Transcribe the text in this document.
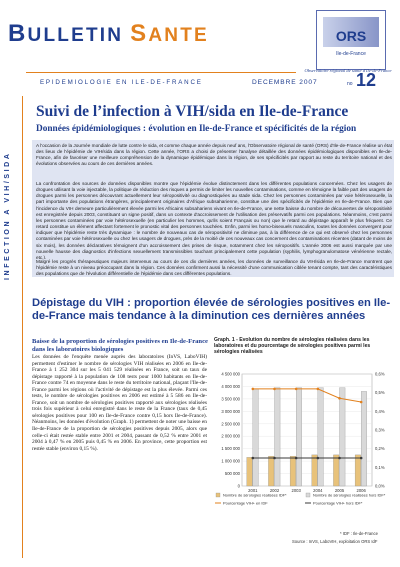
BULLETIN SANTE	ORS
Ile-de-France
Observatoire régional de santé d'Ile-de-France
EPIDEMIOLOGIE EN ILE-DE-FRANCE	DECEMBRE 2007	no 12
INFECTION A VIH/SIDA
Suivi de l’infection à VIH/sida en Ile-de-France
Données épidémiologiques : évolution en Ile-de-France et spécificités de la région
A l'occasion de la Journée mondiale de lutte contre le sida, et comme chaque année depuis neuf ans, l'Observatoire régional de santé (ORS) d'Ile-de-France réalise un état des lieux de l'épidémie de VIH/sida dans la région. Cette année, l'ORS a choisi de présenter l'analyse détaillée des données épidémiologiques disponibles en Ile-de-France, afin de favoriser une meilleure compréhension de la dynamique épidémique dans la région, de ses spécificités par rapport au reste du territoire national et des évolutions observées au cours de ces dernières années.
La confrontation des sources de données disponibles montre que l'épidémie évolue distinctement dans les différentes populations concernées. Chez les usagers de drogues utilisant la voie injectable, la politique de réduction des risques a permis de limiter les nouvelles contaminations, comme en témoigne la faible part des usagers de drogues parmi les personnes découvrant actuellement leur séropositivité ou diagnostiquées au stade sida. Chez les personnes contaminées par voie hétérosexuelle, la part importante des populations étrangères, principalement originaires d'Afrique subsaharienne, constitue une des spécificités de l'épidémie en Ile-de-France. Bien que l'incidence du VIH demeure particulièrement élevée parmi les Africains subsahariens vivant en Ile-de-France, une nette baisse du nombre de découvertes de séropositivité est enregistrée depuis 2003, constituant un signe positif, dans un contexte d'accroissement de l'utilisation des préservatifs parmi ces populations. Néanmoins, c'est parmi les personnes contaminées par voie hétérosexuelle (en particulier les hommes, qu'ils soient Français ou non) que le retard au dépistage apparaît le plus fréquent. Ce retard constitue un élément affectant fortement le pronostic vital des personnes touchées. Enfin, parmi les homo-bisexuels masculins, toutes les données convergent pour indiquer que l'épidémie reste très dynamique : le nombre de nouveaux cas de séropositivité ne diminue pas, à la différence de ce qui est observé chez les personnes contaminées par voie hétérosexuelle ou chez les usagers de drogues, près de la moitié de ces nouveaux cas concernent des contaminations récentes (datant de moins de six mois), les données déclaratives témoignent d'un accroissement des prises de risque, notamment chez les séropositifs. L'année 2006 est aussi marquée par une nouvelle hausse des diagnostics d'infections sexuellement transmissibles touchant principalement cette population (syphilis, lymphogranulomatose vénérienne rectale, etc.).
Malgré les progrès thérapeutiques majeurs intervenus au cours de ces dix dernières années, les données de surveillance du VIH/sida en Ile-de-France montrent que l'épidémie reste à un niveau préoccupant dans la région. Ces données confirment aussi la nécessité d'une communication ciblée tenant compte, tant des caractéristiques des populations que de l'évolution différentielle de l'épidémie dans ces différentes populations.
Dépistage du VIH : proportion élevée de sérologies positives en Ile-de-France mais tendance à la diminution ces dernières années
Baisse de la proportion de sérologies positives en Ile-de-France dans les laboratoires biologiques
Les données de l'enquête menée auprès des laboratoires (InVS, LaboVIH) permettent d'estimer le nombre de sérologies VIH réalisées en 2006 en Ile-de-France à 1 252 304 sur les 5 041 529 réalisées en France, soit un taux de dépistage rapporté à la population de 108 tests pour 1000 habitants en Ile-de-France contre 74 en moyenne dans le reste du territoire national, plaçant l'Ile-de-France parmi les régions où l'activité de dépistage est la plus élevée. Parmi ces tests, le nombre de sérologies positives en 2006 est estimé à 5 586 en Ile-de-France, soit un nombre de sérologies positives rapporté aux sérologies réalisées trois fois supérieur à celui enregistré dans le reste de la France (taux de 0,45 sérologies positives pour 100 en Ile-de-France contre 0,15 hors Ile-de-France). Néanmoins, les données d'évolution (Graph. 1) permettent de noter une baisse en Ile-de-France de la proportion de sérologies positives depuis 2005, alors que celle-ci était restée stable entre 2001 et 2004, passant de 0,52 % entre 2001 et 2004 à 0,47 % en 2005 puis 0,45 % en 2006. En province, cette proportion est restée stable (environ 0,15 %).
Graph. 1 - Evolution du nombre de sérologies réalisées dans les laboratoires et du pourcentage de sérologies positives parmi les sérologies réalisées
4 500 000
4 000 000
3 500 000
3 000 000
2 500 000
2 000 000
1 500 000
1 000 000
500 000
0
0,6%
0,5%
0,4%
0,3%
0,2%
0,1%
0,0%
2001	2002	2003	2004	2005	2006
Nombre de sérologies réalisées IDF*	Nombre de sérologies réalisées hors IDF*
Pourcentage VIH+ en IDF	Pourcentage VIH+ hors IDF*
* IDF : Ile-de-France
Source : InVS, LaboVIH, exploitation ORS IdF
